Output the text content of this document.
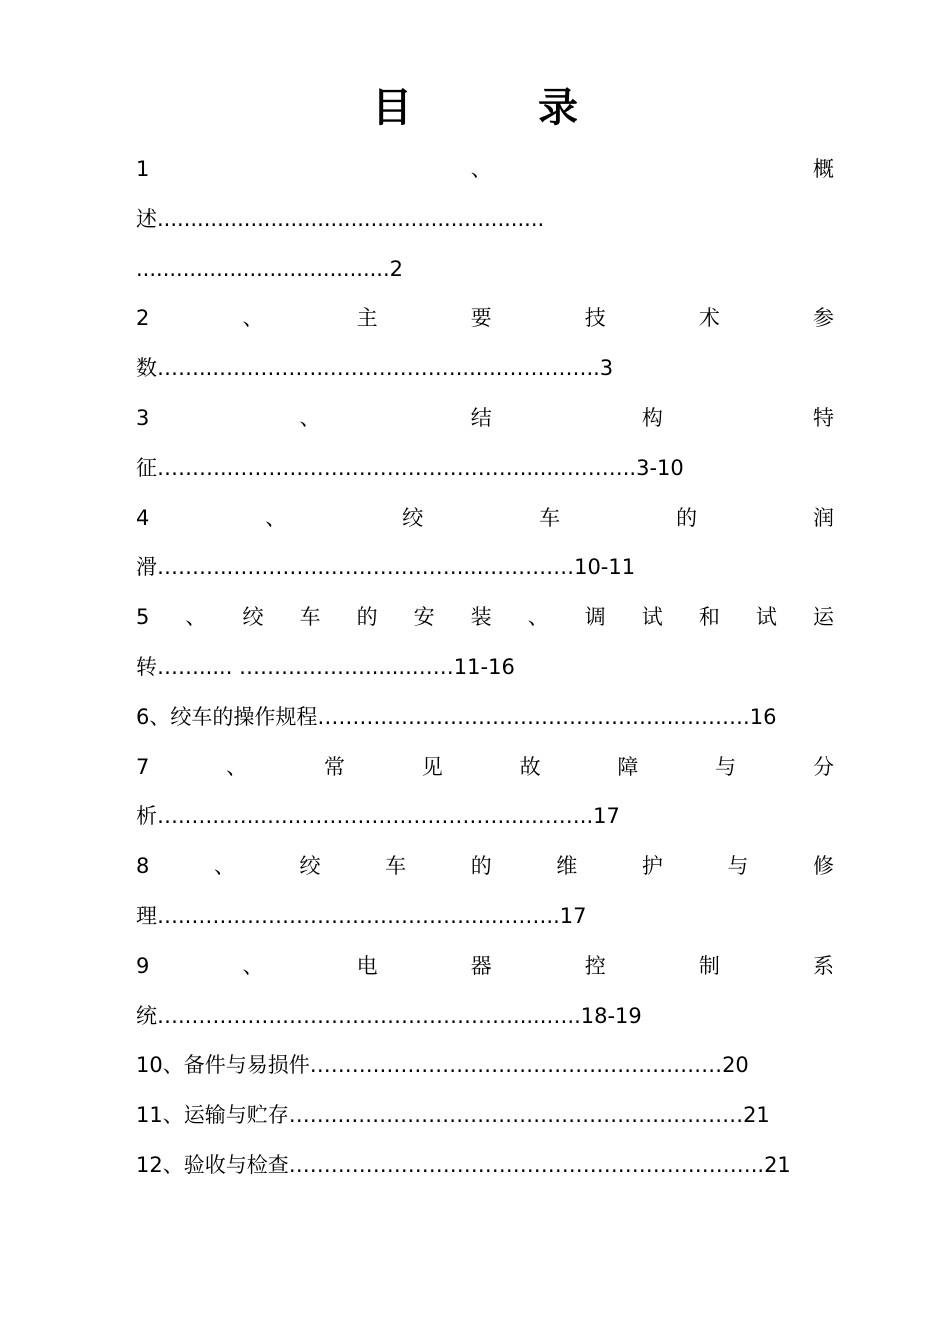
目 录
1	、	概
述..........................................................
......................................2
2	、	主	要	技	术	参
数……...…..………..……………….......…………..3
3	、	结	构	特
征………..………..…………………………......………..3-10
4	、	绞	车	的	润
滑………..…………..……………….....…………10-11
5 、 绞 车 的 安 装 、 调 试 和 试 运
转……..... ……………….......……11-16
6、绞车的操作规程……….…………………………………...……….16
7	、	常	见	故	障	与	分
析…..…..…..…..………………………….....……..17
8	、	绞	车	的	维	护	与	修
理…..…….…………………………….....……..17
9	、	电	器	控	制	系
统…..………….…………………………….....…..18-19
10、备件与易损件……….…….……………………………………20
11、运输与贮存…….….………………………………………………21
12、验收与检查…………………………………………………………..21
